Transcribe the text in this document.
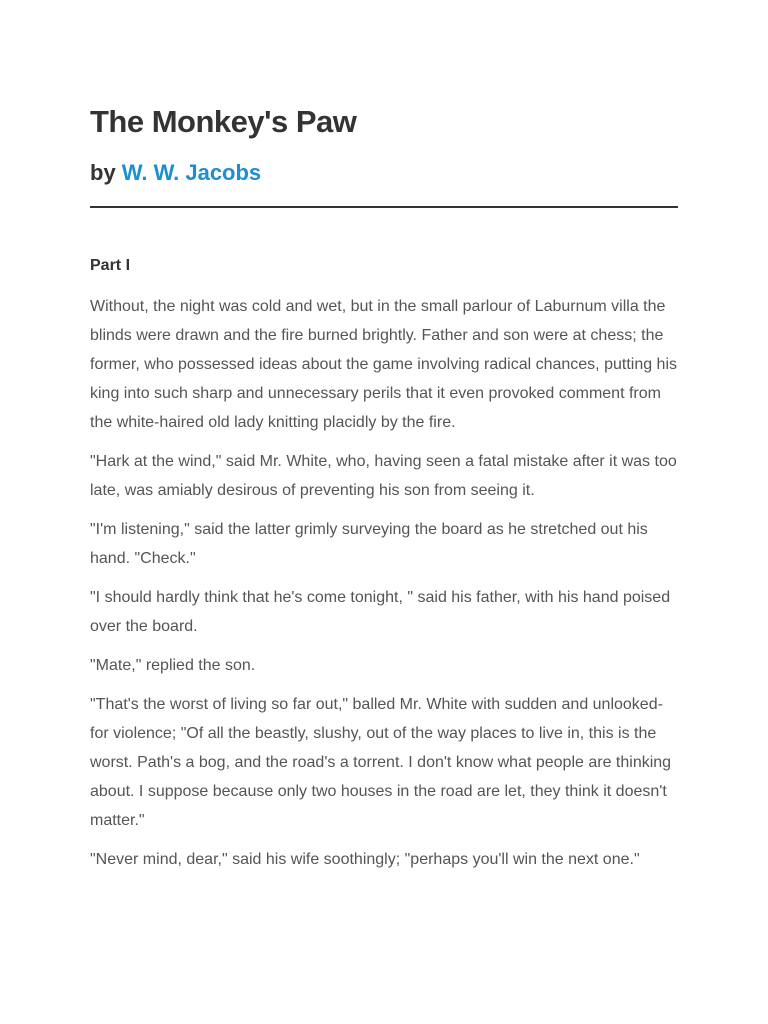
The Monkey's Paw
by W. W. Jacobs
Part I

Without, the night was cold and wet, but in the small parlour of Laburnum villa the blinds were drawn and the fire burned brightly. Father and son were at chess; the former, who possessed ideas about the game involving radical chances, putting his king into such sharp and unnecessary perils that it even provoked comment from the white-haired old lady knitting placidly by the fire.

"Hark at the wind," said Mr. White, who, having seen a fatal mistake after it was too late, was amiably desirous of preventing his son from seeing it.

"I'm listening," said the latter grimly surveying the board as he stretched out his hand. "Check."

"I should hardly think that he's come tonight, " said his father, with his hand poised over the board.

"Mate," replied the son.

"That's the worst of living so far out," balled Mr. White with sudden and unlooked-for violence; "Of all the beastly, slushy, out of the way places to live in, this is the worst. Path's a bog, and the road's a torrent. I don't know what people are thinking about. I suppose because only two houses in the road are let, they think it doesn't matter."

"Never mind, dear," said his wife soothingly; "perhaps you'll win the next one."
